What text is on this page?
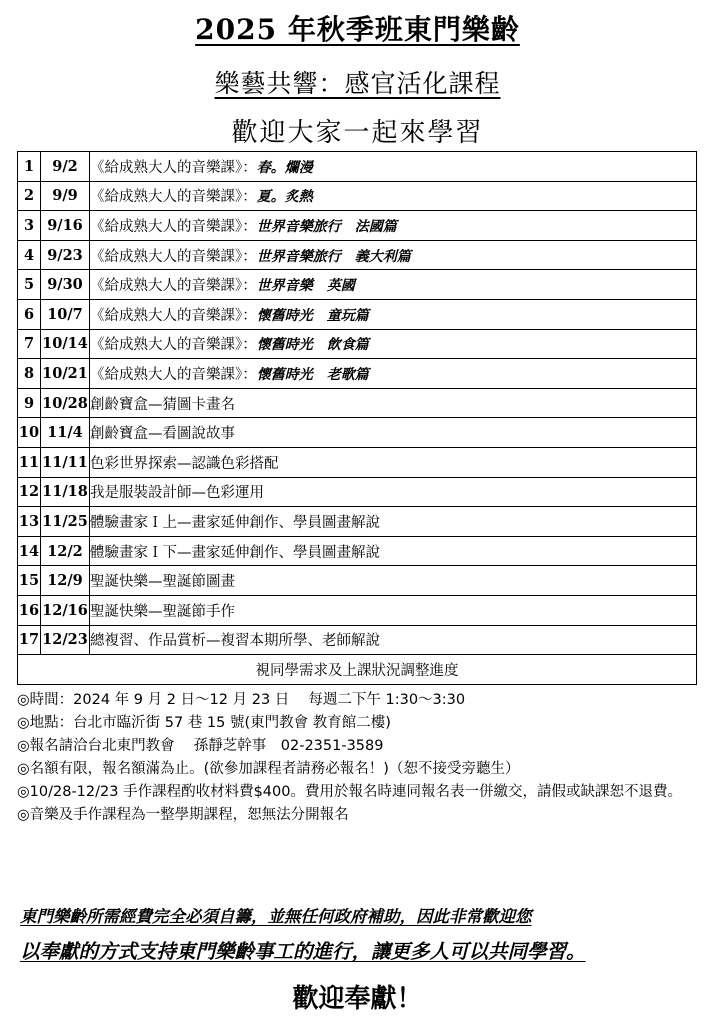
2025 年秋季班東門樂齡
樂藝共響：感官活化課程
歡迎大家一起來學習
1	9/2	《給成熟大人的音樂課》：春。爛漫
2	9/9	《給成熟大人的音樂課》：夏。炙熱
3	9/16	《給成熟大人的音樂課》：世界音樂旅行　法國篇
4	9/23	《給成熟大人的音樂課》：世界音樂旅行　義大利篇
5	9/30	《給成熟大人的音樂課》：世界音樂　英國
6	10/7	《給成熟大人的音樂課》：懷舊時光　童玩篇
7	10/14	《給成熟大人的音樂課》：懷舊時光　飲食篇
8	10/21	《給成熟大人的音樂課》：懷舊時光　老歌篇
9	10/28	創齡寶盒—猜圖卡畫名
10	11/4	創齡寶盒—看圖說故事
11	11/11	色彩世界探索—認識色彩搭配
12	11/18	我是服裝設計師—色彩運用
13	11/25	體驗畫家Ｉ上—畫家延伸創作、學員圖畫解說
14	12/2	體驗畫家Ｉ下—畫家延伸創作、學員圖畫解說
15	12/9	聖誕快樂—聖誕節圖畫
16	12/16	聖誕快樂—聖誕節手作
17	12/23	總複習、作品賞析—複習本期所學、老師解說
視同學需求及上課狀況調整進度		

◎時間：2024 年 9 月 2 日～12 月 23 日　 每週二下午 1:30～3:30

◎地點：台北市臨沂街 57 巷 15 號(東門教會 教育館二樓)

◎報名請洽台北東門教會　 孫靜芝幹事　02-2351-3589

◎名額有限，報名額滿為止。(欲參加課程者請務必報名！)（恕不接受旁聽生）

◎10/28-12/23 手作課程酌收材料費$400。費用於報名時連同報名表一併繳交，請假或缺課恕不退費。

◎音樂及手作課程為一整學期課程，恕無法分開報名

東門樂齡所需經費完全必須自籌，並無任何政府補助，因此非常歡迎您
以奉獻的方式支持東門樂齡事工的進行，讓更多人可以共同學習。
歡迎奉獻！
